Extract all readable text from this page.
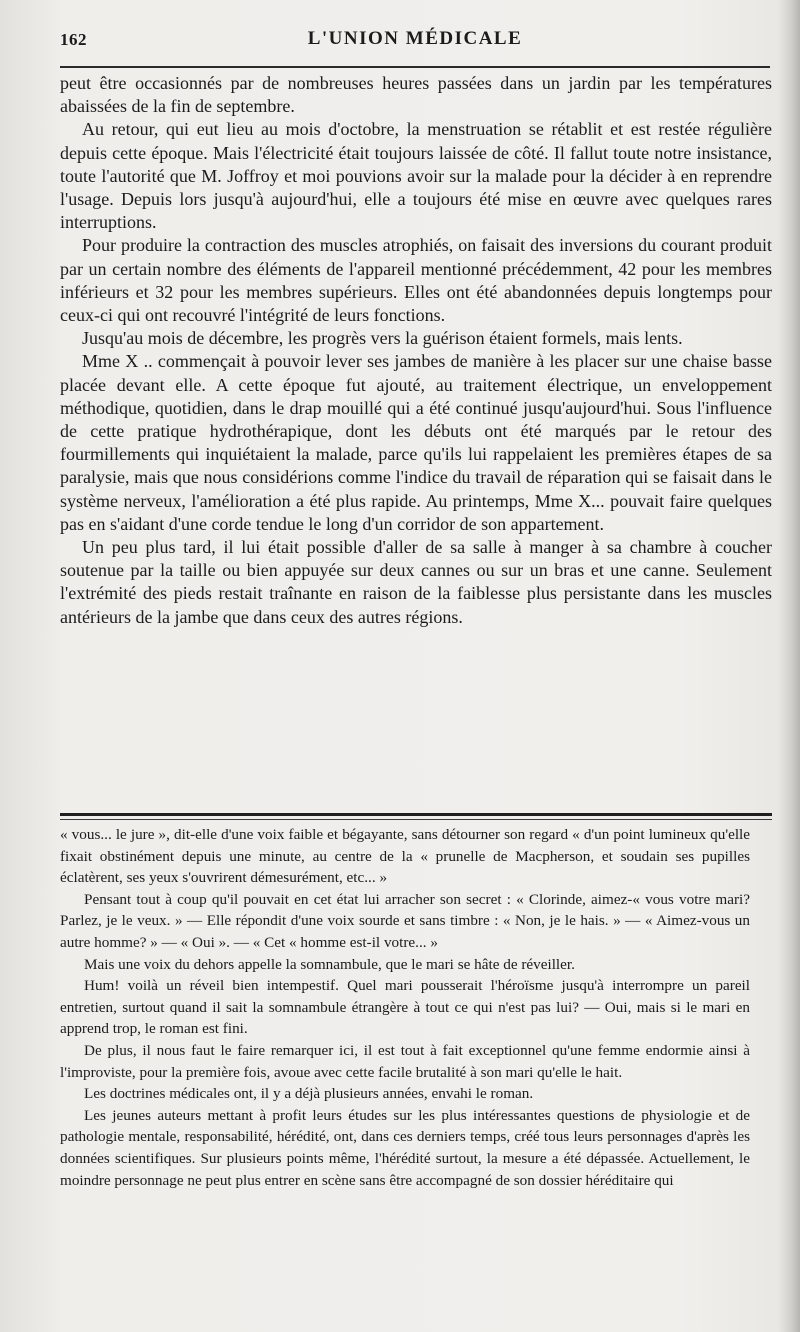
162	L'UNION MÉDICALE

peut être occasionnés par de nombreuses heures passées dans un jardin par les températures abaissées de la fin de septembre.

Au retour, qui eut lieu au mois d'octobre, la menstruation se rétablit et est restée régulière depuis cette époque. Mais l'électricité était toujours laissée de côté. Il fallut toute notre insistance, toute l'autorité que M. Joffroy et moi pouvions avoir sur la malade pour la décider à en reprendre l'usage. Depuis lors jusqu'à aujourd'hui, elle a toujours été mise en œuvre avec quelques rares interruptions.

Pour produire la contraction des muscles atrophiés, on faisait des inversions du courant produit par un certain nombre des éléments de l'appareil mentionné précédemment, 42 pour les membres inférieurs et 32 pour les membres supérieurs. Elles ont été abandonnées depuis longtemps pour ceux-ci qui ont recouvré l'intégrité de leurs fonctions.

Jusqu'au mois de décembre, les progrès vers la guérison étaient formels, mais lents.

Mme X .. commençait à pouvoir lever ses jambes de manière à les placer sur une chaise basse placée devant elle. A cette époque fut ajouté, au traitement électrique, un enveloppement méthodique, quotidien, dans le drap mouillé qui a été continué jusqu'aujourd'hui. Sous l'influence de cette pratique hydrothérapique, dont les débuts ont été marqués par le retour des fourmillements qui inquiétaient la malade, parce qu'ils lui rappelaient les premières étapes de sa paralysie, mais que nous considérions comme l'indice du travail de réparation qui se faisait dans le système nerveux, l'amélioration a été plus rapide. Au printemps, Mme X... pouvait faire quelques pas en s'aidant d'une corde tendue le long d'un corridor de son appartement.

Un peu plus tard, il lui était possible d'aller de sa salle à manger à sa chambre à coucher soutenue par la taille ou bien appuyée sur deux cannes ou sur un bras et une canne. Seulement l'extrémité des pieds restait traînante en raison de la faiblesse plus persistante dans les muscles antérieurs de la jambe que dans ceux des autres régions.

« vous... le jure », dit-elle d'une voix faible et bégayante, sans détourner son regard « d'un point lumineux qu'elle fixait obstinément depuis une minute, au centre de la « prunelle de Macpherson, et soudain ses pupilles éclatèrent, ses yeux s'ouvrirent démesurément, etc... »

Pensant tout à coup qu'il pouvait en cet état lui arracher son secret : « Clorinde, aimez-« vous votre mari? Parlez, je le veux. » — Elle répondit d'une voix sourde et sans timbre : « Non, je le hais. » — « Aimez-vous un autre homme? » — « Oui ». — « Cet « homme est-il votre... »

Mais une voix du dehors appelle la somnambule, que le mari se hâte de réveiller.

Hum! voilà un réveil bien intempestif. Quel mari pousserait l'héroïsme jusqu'à interrompre un pareil entretien, surtout quand il sait la somnambule étrangère à tout ce qui n'est pas lui? — Oui, mais si le mari en apprend trop, le roman est fini.

De plus, il nous faut le faire remarquer ici, il est tout à fait exceptionnel qu'une femme endormie ainsi à l'improviste, pour la première fois, avoue avec cette facile brutalité à son mari qu'elle le hait.

Les doctrines médicales ont, il y a déjà plusieurs années, envahi le roman.

Les jeunes auteurs mettant à profit leurs études sur les plus intéressantes questions de physiologie et de pathologie mentale, responsabilité, hérédité, ont, dans ces derniers temps, créé tous leurs personnages d'après les données scientifiques. Sur plusieurs points même, l'hérédité surtout, la mesure a été dépassée. Actuellement, le moindre personnage ne peut plus entrer en scène sans être accompagné de son dossier héréditaire qui
